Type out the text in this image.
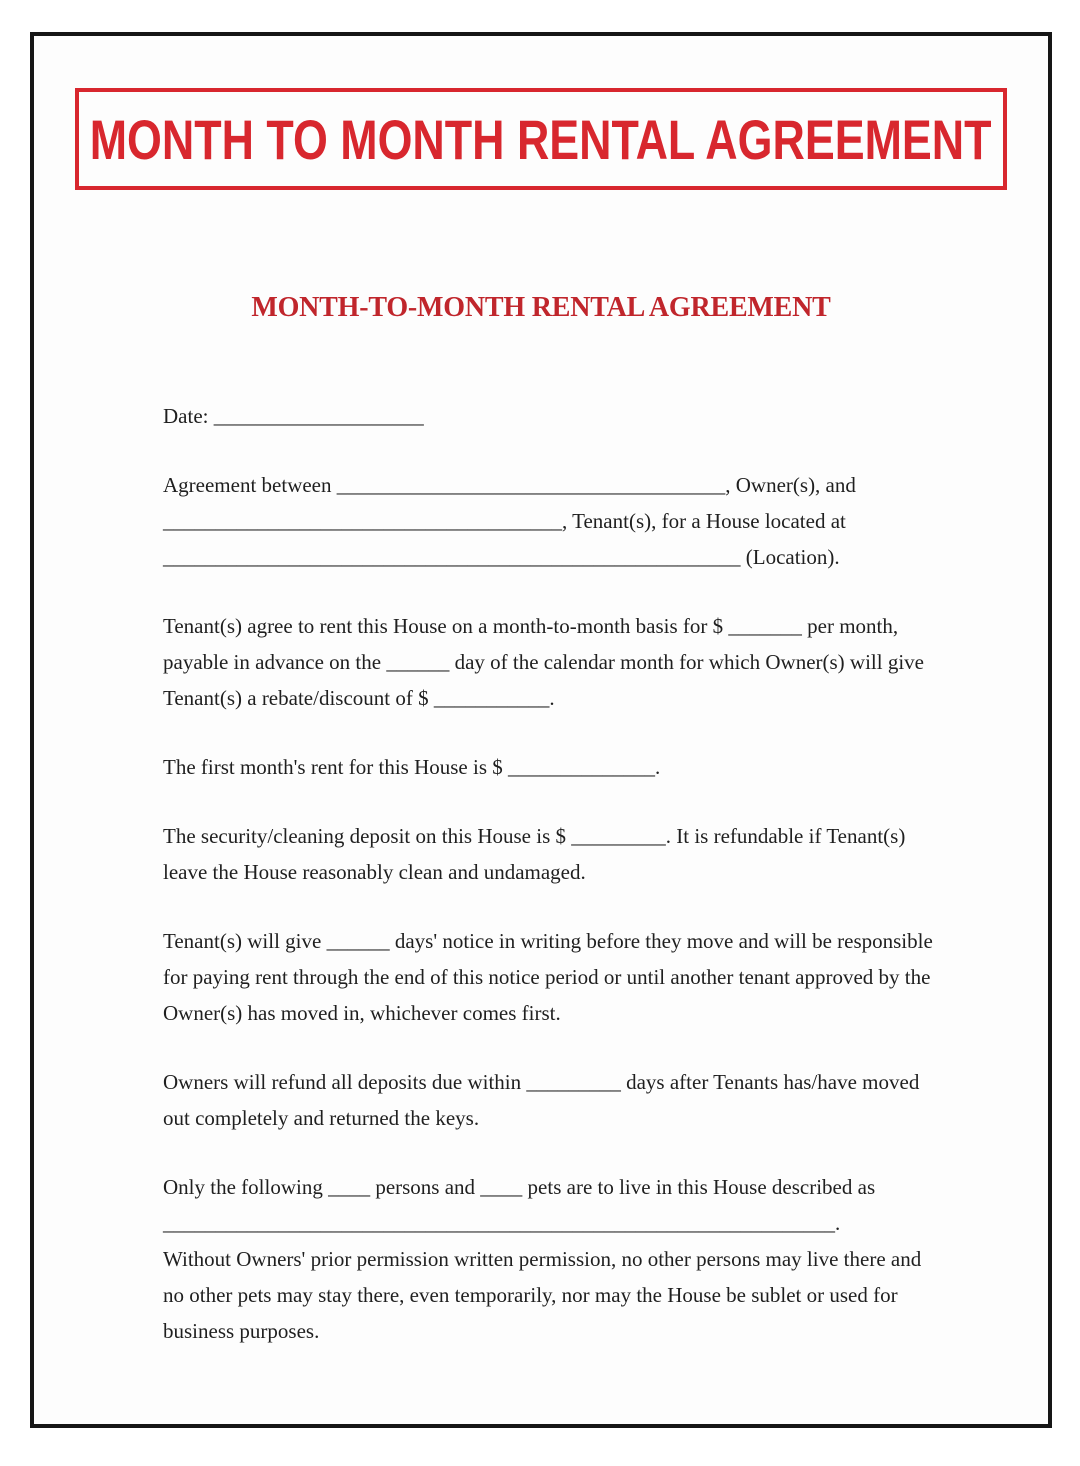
MONTH TO MONTH RENTAL AGREEMENT
MONTH-TO-MONTH RENTAL AGREEMENT
Date: ____________________
Agreement between _____________________________________, Owner(s), and
______________________________________, Tenant(s), for a House located at
_______________________________________________________ (Location).
Tenant(s) agree to rent this House on a month-to-month basis for $ _______ per month,
payable in advance on the ______ day of the calendar month for which Owner(s) will give
Tenant(s) a rebate/discount of $ ___________.
The first month's rent for this House is $ ______________.
The security/cleaning deposit on this House is $ _________. It is refundable if Tenant(s)
leave the House reasonably clean and undamaged.
Tenant(s) will give ______ days' notice in writing before they move and will be responsible
for paying rent through the end of this notice period or until another tenant approved by the
Owner(s) has moved in, whichever comes first.
Owners will refund all deposits due within _________ days after Tenants has/have moved
out completely and returned the keys.
Only the following ____ persons and ____ pets are to live in this House described as
________________________________________________________________.
Without Owners' prior permission written permission, no other persons may live there and
no other pets may stay there, even temporarily, nor may the House be sublet or used for
business purposes.
